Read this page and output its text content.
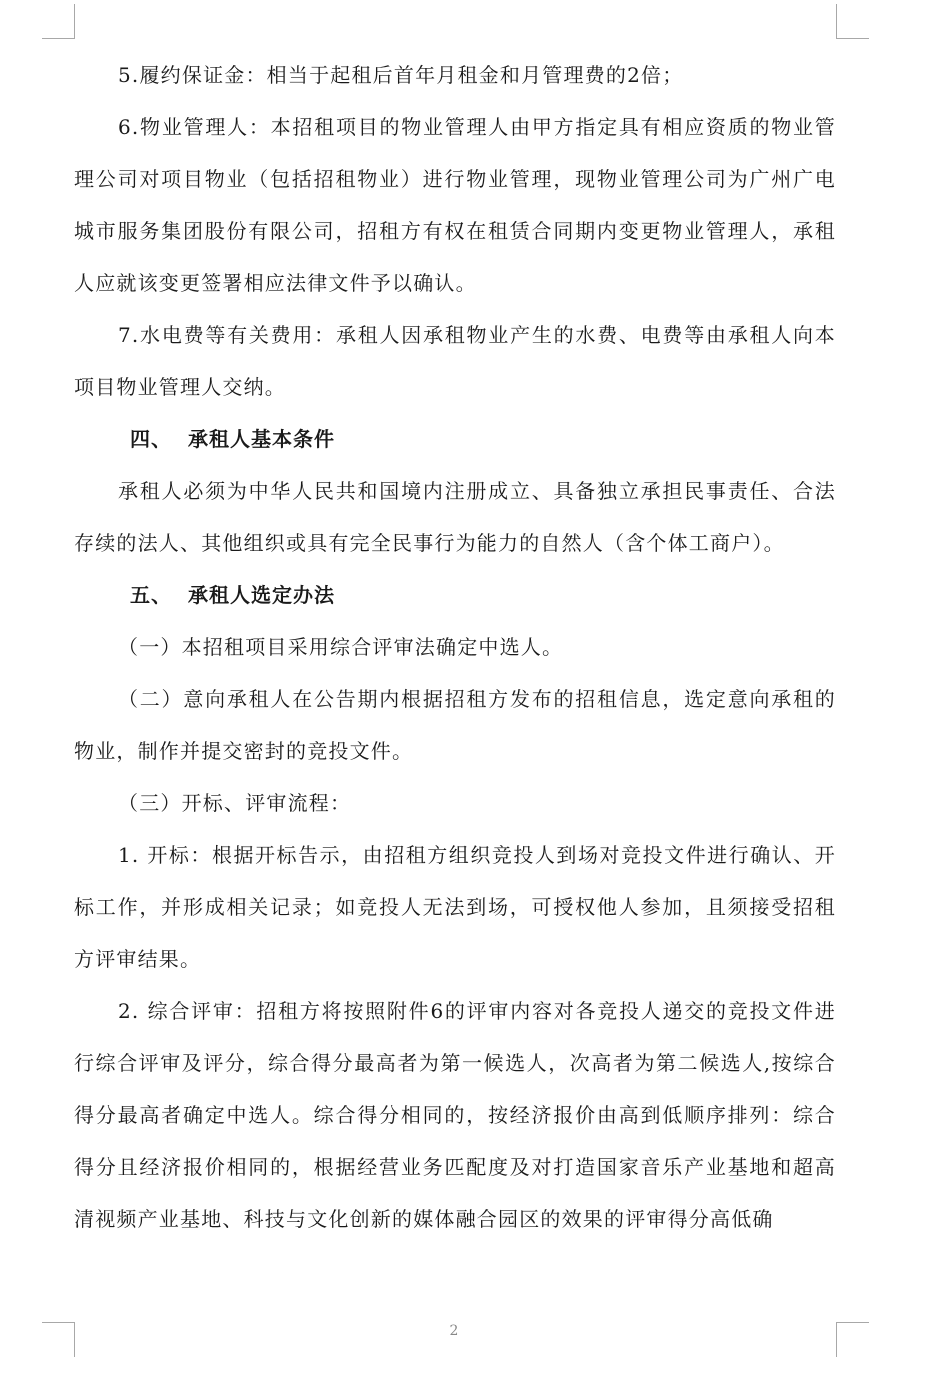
5.履约保证金：相当于起租后首年月租金和月管理费的2倍；

6.物业管理人：本招租项目的物业管理人由甲方指定具有相应资质的物业管理公司对项目物业（包括招租物业）进行物业管理，现物业管理公司为广州广电城市服务集团股份有限公司，招租方有权在租赁合同期内变更物业管理人，承租人应就该变更签署相应法律文件予以确认。

7.水电费等有关费用：承租人因承租物业产生的水费、电费等由承租人向本项目物业管理人交纳。

四、 承租人基本条件

承租人必须为中华人民共和国境内注册成立、具备独立承担民事责任、合法存续的法人、其他组织或具有完全民事行为能力的自然人（含个体工商户）。

五、 承租人选定办法

（一）本招租项目采用综合评审法确定中选人。

（二）意向承租人在公告期内根据招租方发布的招租信息，选定意向承租的物业，制作并提交密封的竞投文件。

（三）开标、评审流程：

1. 开标：根据开标告示，由招租方组织竞投人到场对竞投文件进行确认、开标工作，并形成相关记录；如竞投人无法到场，可授权他人参加，且须接受招租方评审结果。

2. 综合评审：招租方将按照附件6的评审内容对各竞投人递交的竞投文件进行综合评审及评分，综合得分最高者为第一候选人，次高者为第二候选人,按综合得分最高者确定中选人。综合得分相同的，按经济报价由高到低顺序排列：综合得分且经济报价相同的，根据经营业务匹配度及对打造国家音乐产业基地和超高清视频产业基地、科技与文化创新的媒体融合园区的效果的评审得分高低确

2
